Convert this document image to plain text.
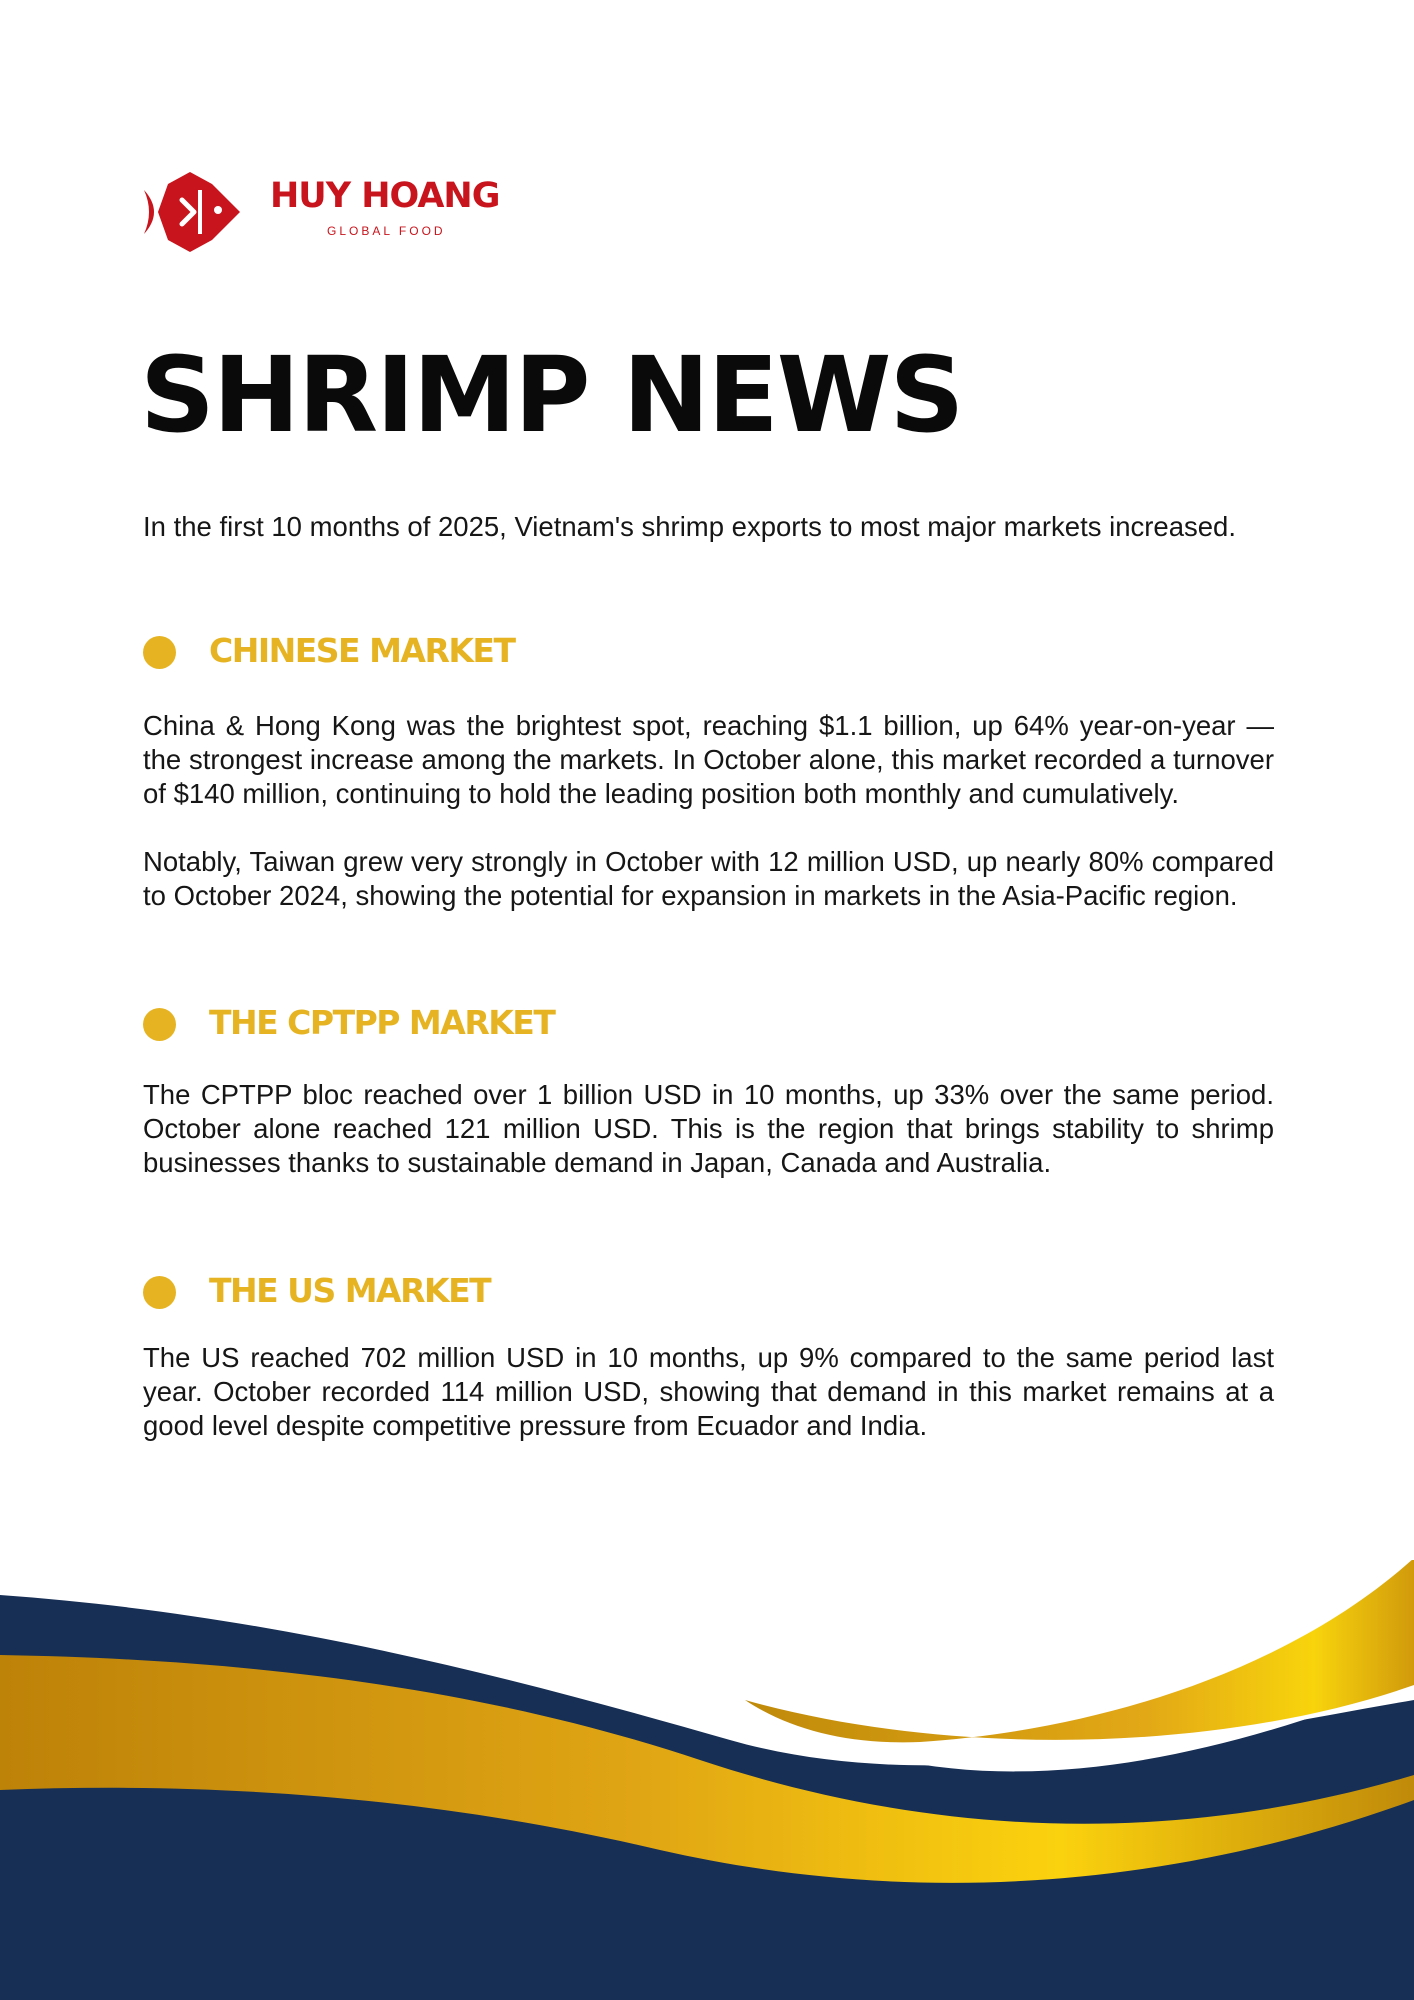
HUY HOANG
GLOBAL FOOD
SHRIMP NEWS

In the first 10 months of 2025, Vietnam's shrimp exports to most major markets increased.

CHINESE MARKET

China & Hong Kong was the brightest spot, reaching $1.1 billion, up 64% year-on-year — the strongest increase among the markets. In October alone, this market recorded a turnover of $140 million, continuing to hold the leading position both monthly and cumulatively.

Notably, Taiwan grew very strongly in October with 12 million USD, up nearly 80% compared to October 2024, showing the potential for expansion in markets in the Asia-Pacific region.

THE CPTPP MARKET

The CPTPP bloc reached over 1 billion USD in 10 months, up 33% over the same period. October alone reached 121 million USD. This is the region that brings stability to shrimp businesses thanks to sustainable demand in Japan, Canada and Australia.

THE US MARKET

The US reached 702 million USD in 10 months, up 9% compared to the same period last year. October recorded 114 million USD, showing that demand in this market remains at a good level despite competitive pressure from Ecuador and India.
